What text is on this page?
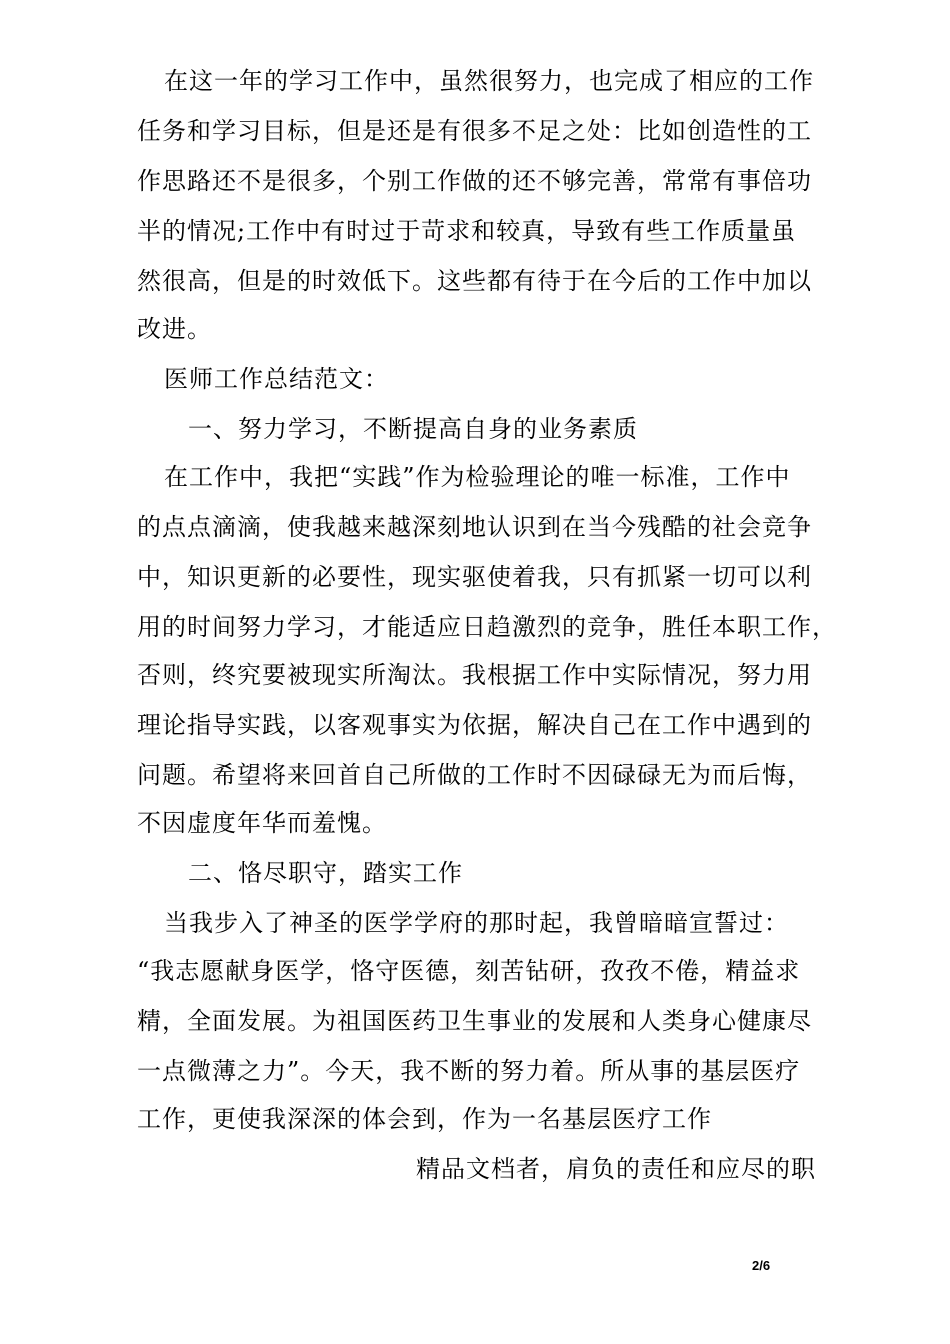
在这一年的学习工作中，虽然很努力，也完成了相应的工作
任务和学习目标，但是还是有很多不足之处：比如创造性的工
作思路还不是很多，个别工作做的还不够完善，常常有事倍功
半的情况;工作中有时过于苛求和较真，导致有些工作质量虽
然很高，但是的时效低下。这些都有待于在今后的工作中加以
改进。
医师工作总结范文：
一、努力学习，不断提高自身的业务素质
在工作中，我把“实践”作为检验理论的唯一标准，工作中
的点点滴滴，使我越来越深刻地认识到在当今残酷的社会竞争
中，知识更新的必要性，现实驱使着我，只有抓紧一切可以利
用的时间努力学习，才能适应日趋激烈的竞争，胜任本职工作，
否则，终究要被现实所淘汰。我根据工作中实际情况，努力用
理论指导实践，以客观事实为依据，解决自己在工作中遇到的
问题。希望将来回首自己所做的工作时不因碌碌无为而后悔，
不因虚度年华而羞愧。
二、恪尽职守，踏实工作
当我步入了神圣的医学学府的那时起，我曾暗暗宣誓过：
“我志愿献身医学，恪守医德，刻苦钻研，孜孜不倦，精益求
精，全面发展。为祖国医药卫生事业的发展和人类身心健康尽
一点微薄之力”。今天，我不断的努力着。所从事的基层医疗
工作，更使我深深的体会到，作为一名基层医疗工作
精品文档者，肩负的责任和应尽的职
2/6
